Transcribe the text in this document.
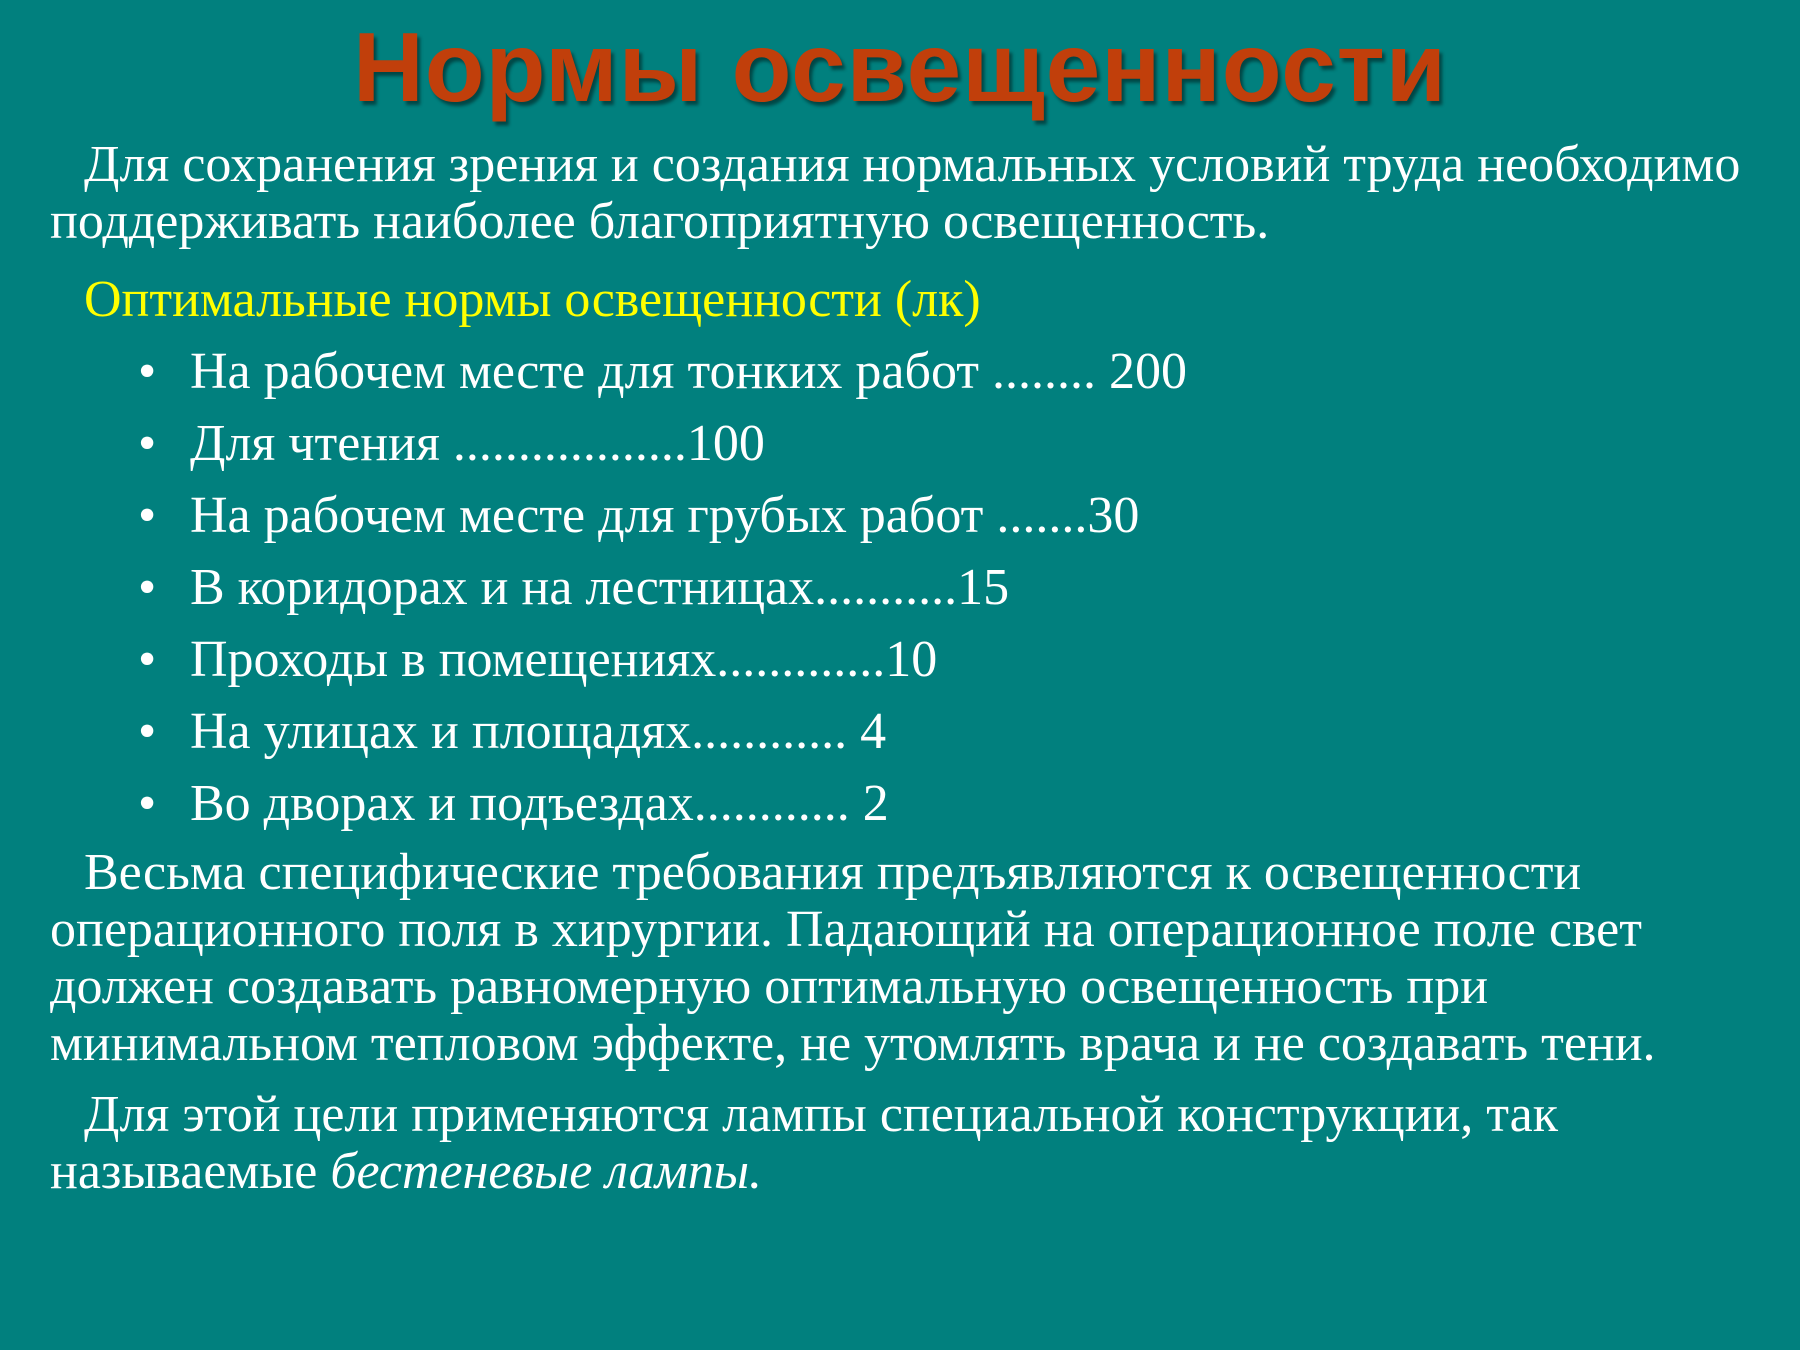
Нормы освещенности

Для сохранения зрения и создания нормальных условий труда необходимо поддерживать наиболее благоприятную освещенность.

Оптимальные нормы освещенности (лк)

• На рабочем месте для тонких работ ........ 200
• Для чтения ..................100
• На рабочем месте для грубых работ .......30
• В коридорах и на лестницах...........15
• Проходы в помещениях.............10
• На улицах и площадях............ 4
• Во дворах и подъездах............ 2

Весьма специфические требования предъявляются к освещенности операционного поля в хирургии. Падающий на операционное поле свет должен создавать равномерную оптимальную освещенность при минимальном тепловом эффекте, не утомлять врача и не создавать тени.

Для этой цели применяются лампы специальной конструкции, так называемые бестеневые лампы.
